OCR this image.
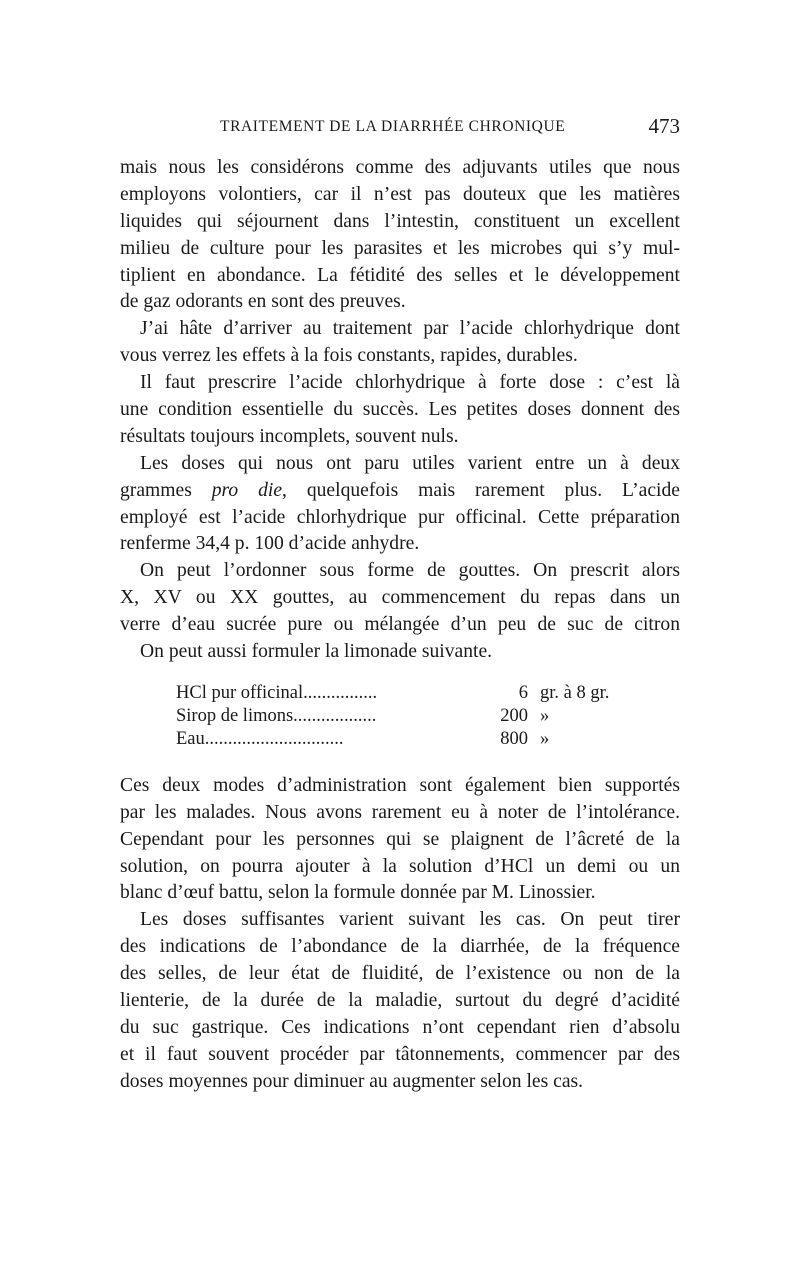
TRAITEMENT DE LA DIARRHÉE CHRONIQUE	473
mais nous les considérons comme des adjuvants utiles que nous
employons volontiers, car il n’est pas douteux que les matières
liquides qui séjournent dans l’intestin, constituent un excellent
milieu de culture pour les parasites et les microbes qui s’y mul-
tiplient en abondance. La fétidité des selles et le développement
de gaz odorants en sont des preuves.
J’ai hâte d’arriver au traitement par l’acide chlorhydrique dont
vous verrez les effets à la fois constants, rapides, durables.
Il faut prescrire l’acide chlorhydrique à forte dose : c’est là
une condition essentielle du succès. Les petites doses donnent des
résultats toujours incomplets, souvent nuls.
Les doses qui nous ont paru utiles varient entre un à deux
grammes pro die, quelquefois mais rarement plus. L’acide
employé est l’acide chlorhydrique pur officinal. Cette préparation
renferme 34,4 p. 100 d’acide anhydre.
On peut l’ordonner sous forme de gouttes. On prescrit alors
X, XV ou XX gouttes, au commencement du repas dans un
verre d’eau sucrée pure ou mélangée d’un peu de suc de citron
On peut aussi formuler la limonade suivante.
HCl pur officinal................	6 gr. à 8 gr.
Sirop de limons..................	200 »
Eau..............................	800 »
Ces deux modes d’administration sont également bien supportés
par les malades. Nous avons rarement eu à noter de l’intolérance.
Cependant pour les personnes qui se plaignent de l’âcreté de la
solution, on pourra ajouter à la solution d’HCl un demi ou un
blanc d’œuf battu, selon la formule donnée par M. Linossier.
Les doses suffisantes varient suivant les cas. On peut tirer
des indications de l’abondance de la diarrhée, de la fréquence
des selles, de leur état de fluidité, de l’existence ou non de la
lienterie, de la durée de la maladie, surtout du degré d’acidité
du suc gastrique. Ces indications n’ont cependant rien d’absolu
et il faut souvent procéder par tâtonnements, commencer par des
doses moyennes pour diminuer au augmenter selon les cas.
